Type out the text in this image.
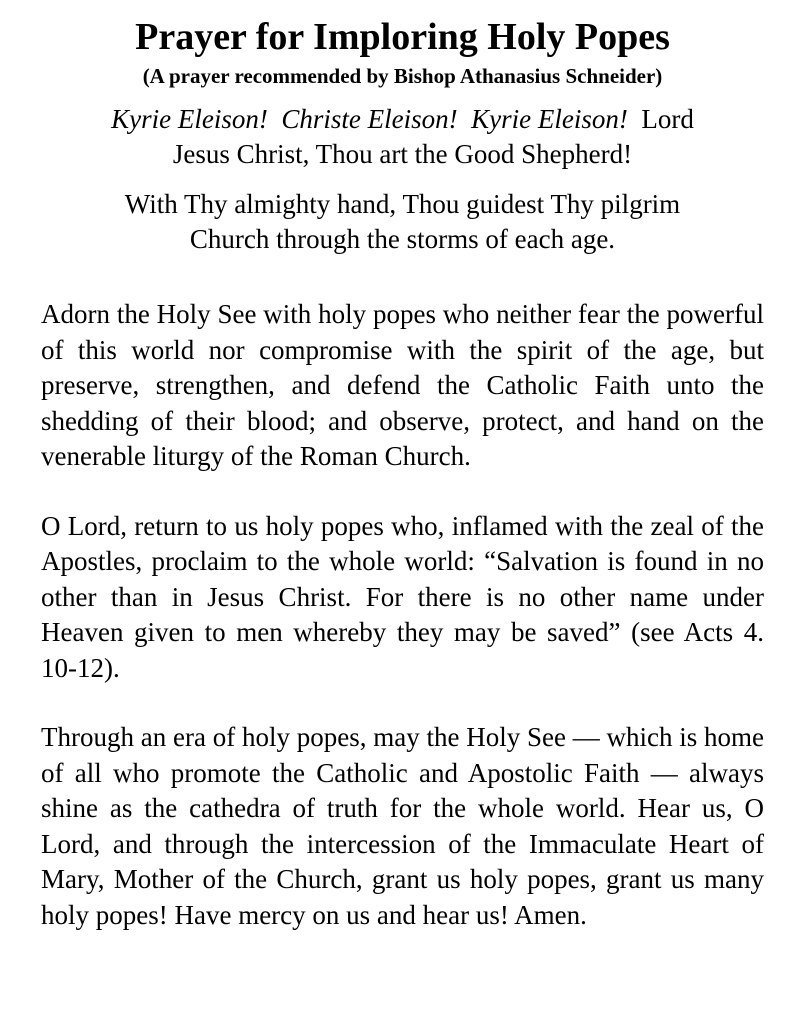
Prayer for Imploring Holy Popes
(A prayer recommended by Bishop Athanasius Schneider)
Kyrie Eleison! Christe Eleison! Kyrie Eleison! Lord
Jesus Christ, Thou art the Good Shepherd!
With Thy almighty hand, Thou guidest Thy pilgrim
Church through the storms of each age.

Adorn the Holy See with holy popes who neither fear the powerful of this world nor compromise with the spirit of the age, but preserve, strengthen, and defend the Catholic Faith unto the shedding of their blood; and observe, protect, and hand on the venerable liturgy of the Roman Church.

O Lord, return to us holy popes who, inflamed with the zeal of the Apostles, proclaim to the whole world: “Salvation is found in no other than in Jesus Christ. For there is no other name under Heaven given to men whereby they may be saved” (see Acts 4. 10-12).

Through an era of holy popes, may the Holy See — which is home of all who promote the Catholic and Apostolic Faith — always shine as the cathedra of truth for the whole world. Hear us, O Lord, and through the intercession of the Immaculate Heart of Mary, Mother of the Church, grant us holy popes, grant us many holy popes! Have mercy on us and hear us! Amen.
